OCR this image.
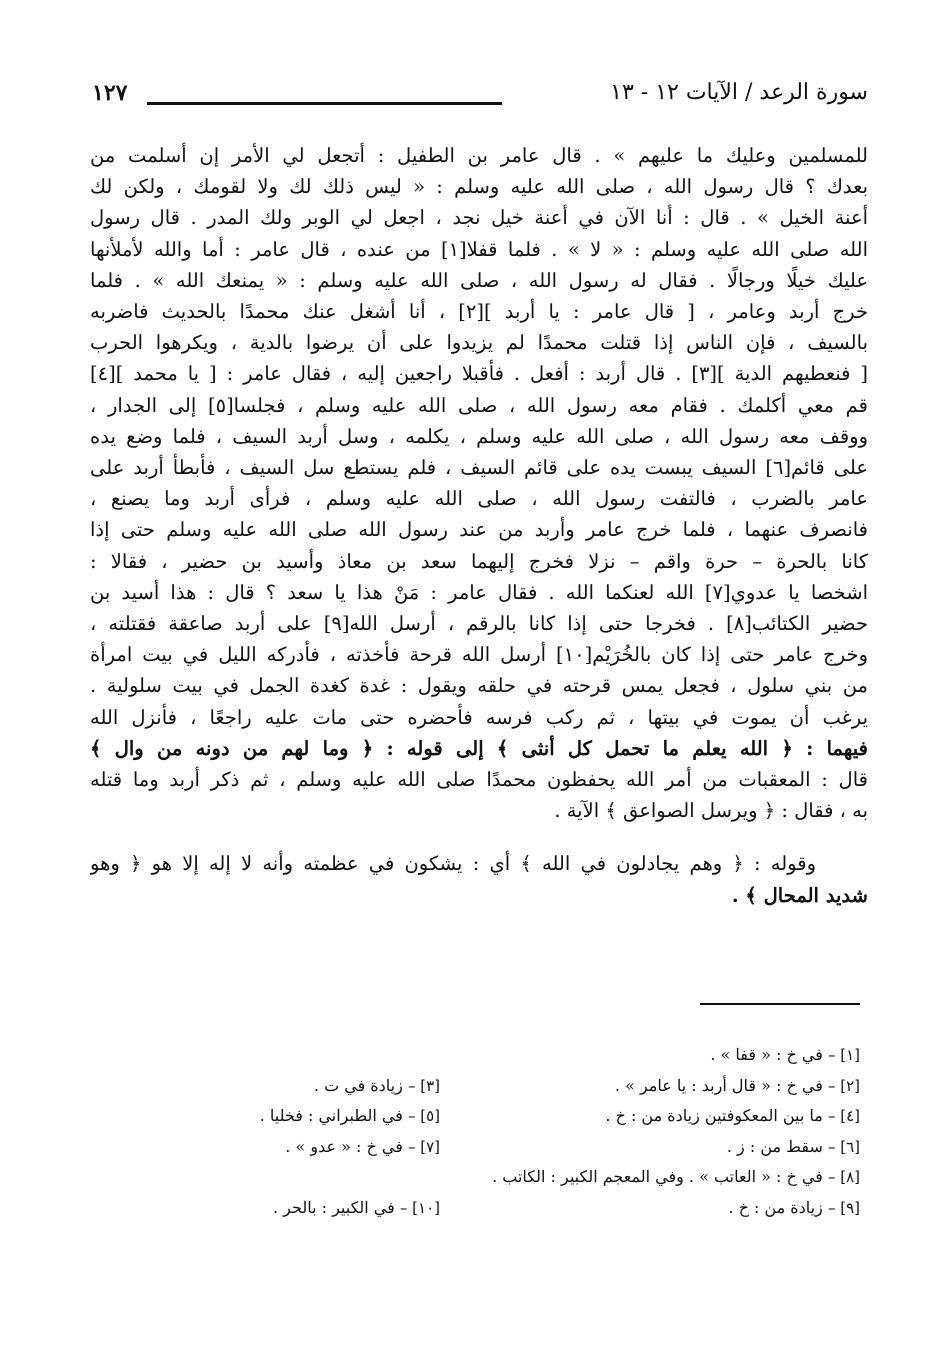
سورة الرعد / الآيات ١٢ - ١٣
١٢٧
للمسلمين وعليك ما عليهم » . قال عامر بن الطفيل : أتجعل لي الأمر إن أسلمت من
بعدك ؟ قال رسول الله ، صلى الله عليه وسلم : « ليس ذلك لك ولا لقومك ، ولكن لك
أعنة الخيل » . قال : أنا الآن في أعنة خيل نجد ، اجعل لي الوبر ولك المدر . قال رسول
الله صلى الله عليه وسلم : « لا » . فلما قفلا[١] من عنده ، قال عامر : أما والله لأملأنها
عليك خيلًا ورجالًا . فقال له رسول الله ، صلى الله عليه وسلم : « يمنعك الله » . فلما
خرج أربد وعامر ، [ قال عامر : يا أربد ][٢] ، أنا أشغل عنك محمدًا بالحديث فاضربه
بالسيف ، فإن الناس إذا قتلت محمدًا لم يزيدوا على أن يرضوا بالدية ، ويكرهوا الحرب
[ فنعطيهم الدية ][٣] . قال أربد : أفعل . فأقبلا راجعين إليه ، فقال عامر : [ يا محمد ][٤]
قم معي أكلمك . فقام معه رسول الله ، صلى الله عليه وسلم ، فجلسا[٥] إلى الجدار ،
ووقف معه رسول الله ، صلى الله عليه وسلم ، يكلمه ، وسل أربد السيف ، فلما وضع يده
على قائم[٦] السيف يبست يده على قائم السيف ، فلم يستطع سل السيف ، فأبطأ أربد على
عامر بالضرب ، فالتفت رسول الله ، صلى الله عليه وسلم ، فرأى أربد وما يصنع ،
فانصرف عنهما ، فلما خرج عامر وأربد من عند رسول الله صلى الله عليه وسلم حتى إذا
كانا بالحرة – حرة واقم – نزلا فخرج إليهما سعد بن معاذ وأسيد بن حضير ، فقالا :
اشخصا يا عدوي[٧] الله لعنكما الله . فقال عامر : مَنْ هذا يا سعد ؟ قال : هذا أسيد بن
حضير الكتائب[٨] . فخرجا حتى إذا كانا بالرقم ، أرسل الله[٩] على أربد صاعقة فقتلته ،
وخرج عامر حتى إذا كان بالخُرَيْم[١٠] أرسل الله قرحة فأخذته ، فأدركه الليل في بيت امرأة
من بني سلول ، فجعل يمس قرحته في حلقه ويقول : غدة كغدة الجمل في بيت سلولية .
يرغب أن يموت في بيتها ، ثم ركب فرسه فأحضره حتى مات عليه راجعًا ، فأنزل الله
فيهما : ﴿ الله يعلم ما تحمل كل أنثى ﴾ إلى قوله : ﴿ وما لهم من دونه من وال ﴾
قال : المعقبات من أمر الله يحفظون محمدًا صلى الله عليه وسلم ، ثم ذكر أربد وما قتله
به ، فقال : ﴿ ويرسل الصواعق ﴾ الآية .
وقوله : ﴿ وهم يجادلون في الله ﴾ أي : يشكون في عظمته وأنه لا إله إلا هو ﴿ وهو
شديد المحال ﴾ .
[١] – في خ : « قفا » .
[٢] – في خ : « قال أربد : يا عامر » .
[٣] – زيادة في ت .
[٤] – ما بين المعكوفتين زيادة من : خ .
[٥] – في الطبراني : فخليا .
[٦] – سقط من : ز .
[٧] – في خ : « عدو » .
[٨] – في خ : « العاتب » . وفي المعجم الكبير : الكاتب .
[٩] – زيادة من : خ .
[١٠] – في الكبير : بالحر .
